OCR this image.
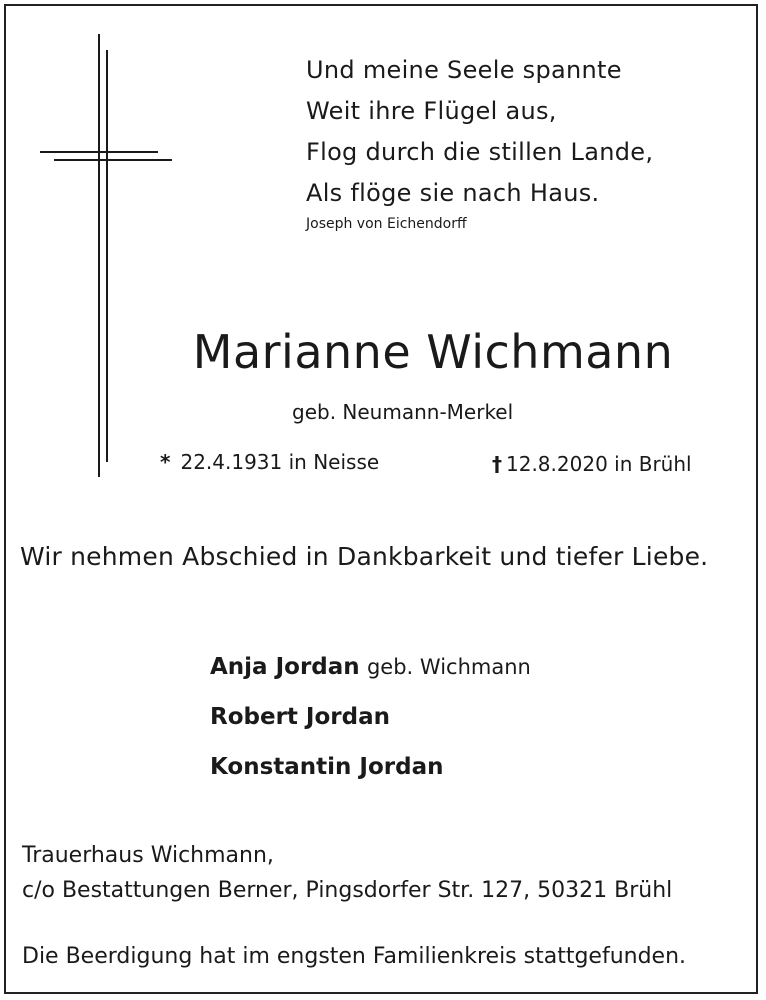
Und meine Seele spannte
Weit ihre Flügel aus,
Flog durch die stillen Lande,
Als flöge sie nach Haus.
Joseph von Eichendorff
Marianne Wichmann
geb. Neumann-Merkel
* 22.4.1931 in Neisse	† 12.8.2020 in Brühl
Wir nehmen Abschied in Dankbarkeit und tiefer Liebe.
Anja Jordan geb. Wichmann
Robert Jordan
Konstantin Jordan
Trauerhaus Wichmann,
c/o Bestattungen Berner, Pingsdorfer Str. 127, 50321 Brühl
Die Beerdigung hat im engsten Familienkreis stattgefunden.
